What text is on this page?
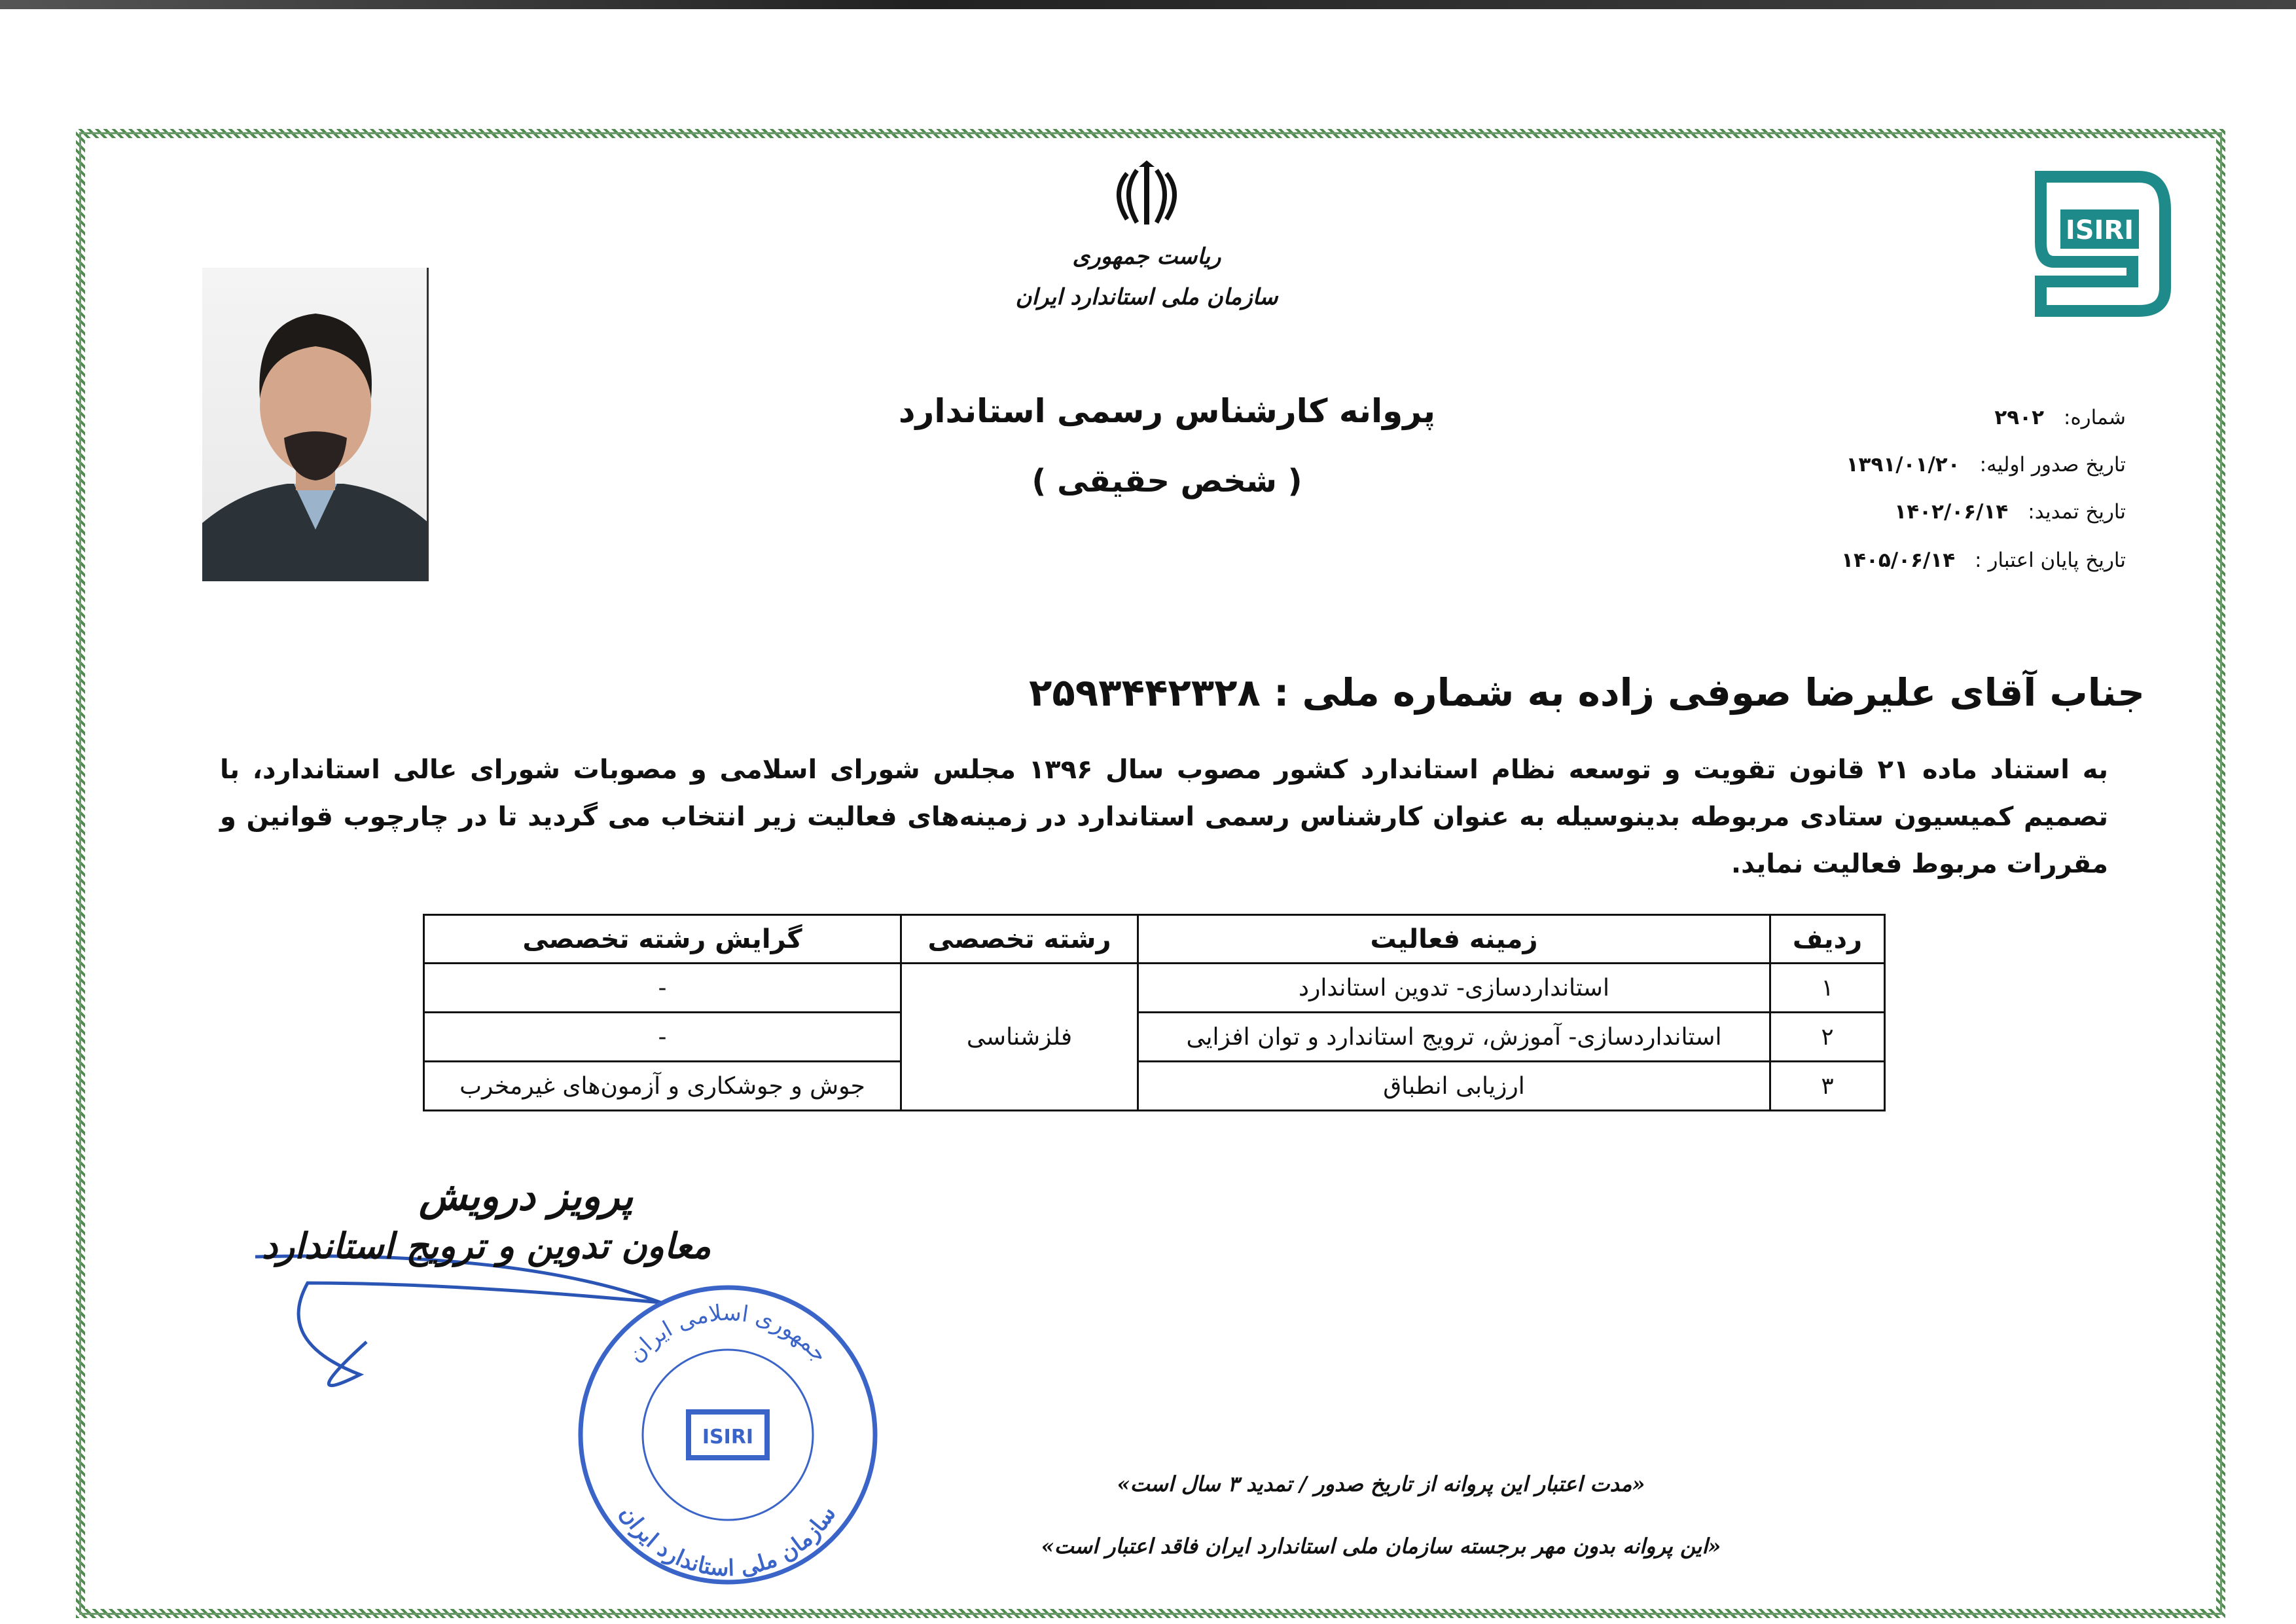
ریاست جمهوری
سازمان ملی استاندارد ایران
ISIRI
پروانه کارشناس رسمی استاندارد
( شخص حقیقی )
شماره:۲۹۰۲
تاریخ صدور اولیه:۱۳۹۱/۰۱/۲۰
تاریخ تمدید:۱۴۰۲/۰۶/۱۴
تاریخ پایان اعتبار :۱۴۰۵/۰۶/۱۴
جناب آقای علیرضا صوفی زاده به شماره ملی : ۲۵۹۳۴۴۲۳۲۸
به استناد ماده ۲۱ قانون تقویت و توسعه نظام استاندارد کشور مصوب سال ۱۳۹۶ مجلس شورای اسلامی و مصوبات شورای عالی استاندارد، با تصمیم کمیسیون ستادی مربوطه بدینوسیله به عنوان کارشناس رسمی استاندارد در زمینه‌های فعالیت زیر انتخاب می گردید تا در چارچوب قوانین و مقررات مربوط فعالیت نماید.
ردیف	زمینه فعالیت	رشته تخصصی	گرایش رشته تخصصی
۱	استانداردسازی- تدوین استاندارد	فلزشناسی	-
۲	استانداردسازی- آموزش، ترویج استاندارد و توان افزایی		-
۳	ارزیابی انطباق		جوش و جوشکاری و آزمون‌های غیرمخرب
جمهوری اسلامی ایران
سازمان ملی استاندارد ایران
ISIRI
پرویز درویش
معاون تدوین و ترویج استاندارد
«مدت اعتبار این پروانه از تاریخ صدور / تمدید ۳ سال است»
«این پروانه بدون مهر برجسته سازمان ملی استاندارد ایران فاقد اعتبار است»
